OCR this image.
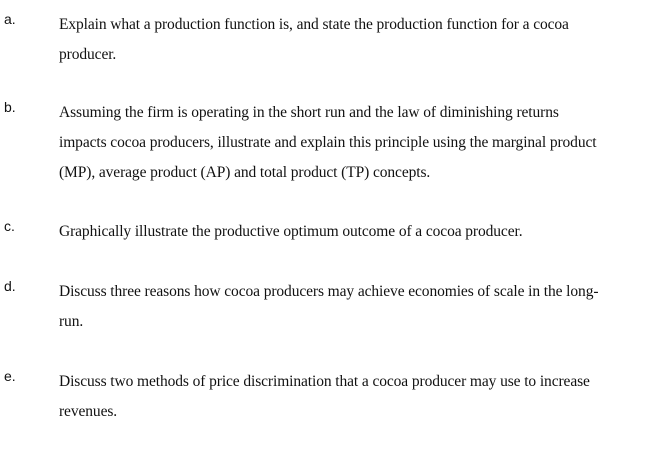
a.	Explain what a production function is, and state the production function for a cocoa
producer.
b.	Assuming the firm is operating in the short run and the law of diminishing returns
impacts cocoa producers, illustrate and explain this principle using the marginal product
(MP), average product (AP) and total product (TP) concepts.
c.	Graphically illustrate the productive optimum outcome of a cocoa producer.
d.	Discuss three reasons how cocoa producers may achieve economies of scale in the long-
run.
e.	Discuss two methods of price discrimination that a cocoa producer may use to increase
revenues.
